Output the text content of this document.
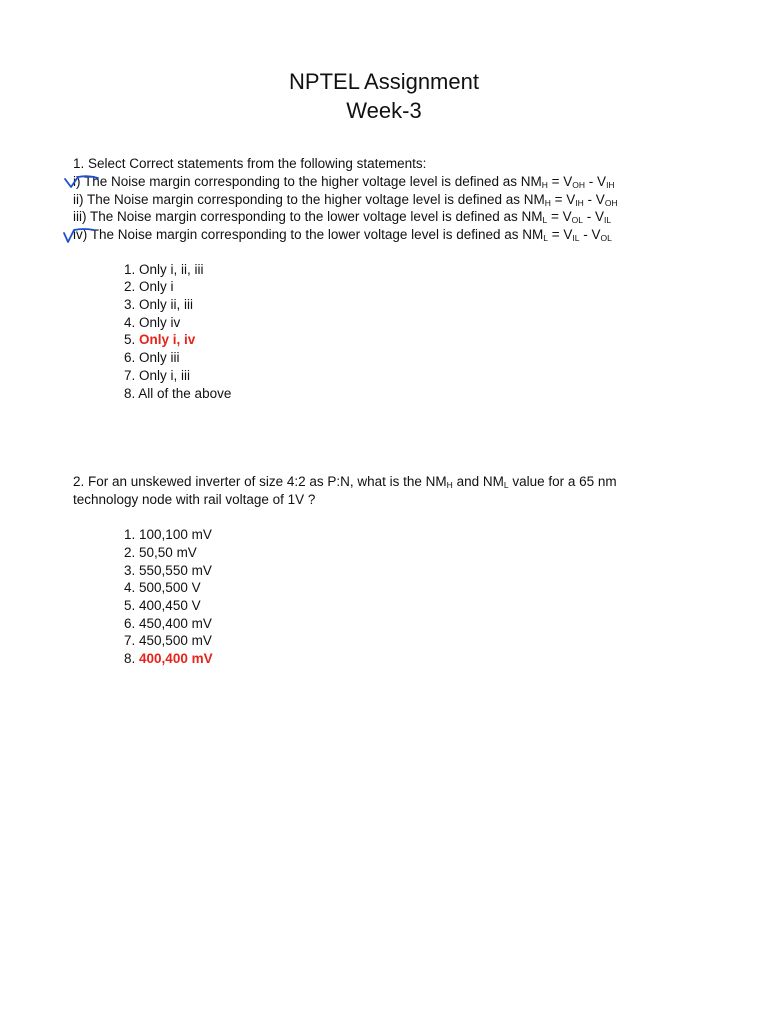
NPTEL Assignment
Week-3
1. Select Correct statements from the following statements:
i) The Noise margin corresponding to the higher voltage level is defined as $NM_H = V_{OH} - V_{IH}$
ii) The Noise margin corresponding to the higher voltage level is defined as $NM_H = V_{IH} - V_{OH}$
iii) The Noise margin corresponding to the lower voltage level is defined as $NM_L = V_{OL} - V_{IL}$
iv) The Noise margin corresponding to the lower voltage level is defined as $NM_L = V_{IL} - V_{OL}$
1. Only i, ii, iii
2. Only i
3. Only ii, iii
4. Only iv
5. Only i, iv
6. Only iii
7. Only i, iii
8. All of the above
2. For an unskewed inverter of size 4:2 as P:N, what is the $NM_H$ and $NM_L$ value for a 65 nm
technology node with rail voltage of 1V ?
1. 100,100 mV
2. 50,50 mV
3. 550,550 mV
4. 500,500 V
5. 400,450 V
6. 450,400 mV
7. 450,500 mV
8. 400,400 mV
